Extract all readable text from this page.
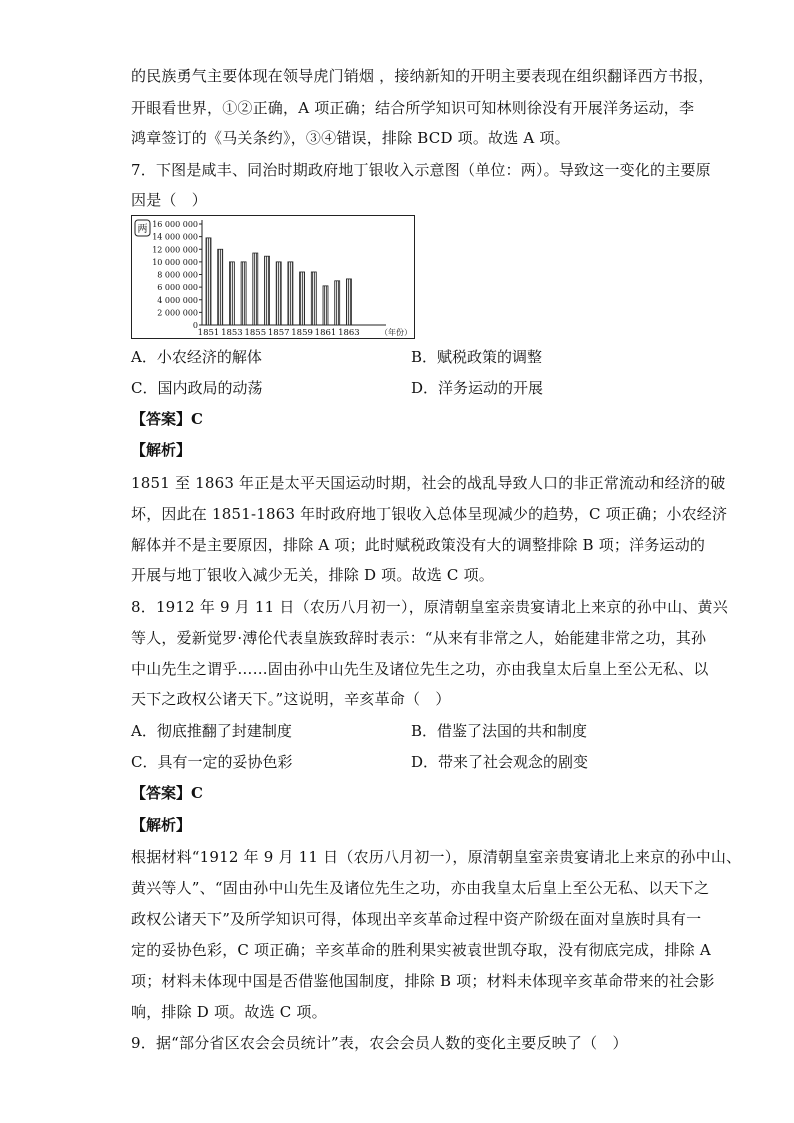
的民族勇气主要体现在领导虎门销烟 ，接纳新知的开明主要表现在组织翻译西方书报，
开眼看世界，①②正确，A 项正确；结合所学知识可知林则徐没有开展洋务运动，李
鸿章签订的《马关条约》，③④错误，排除 BCD 项。故选 A 项。
7．下图是咸丰、同治时期政府地丁银收入示意图（单位：两）。导致这一变化的主要原
因是（　）
两
0
2 000 000
4 000 000
6 000 000
8 000 000
10 000 000
12 000 000
14 000 000
16 000 000
1851 1853 1855 1857 1859 1861 1863	（年份）
A．小农经济的解体	B．赋税政策的调整
C．国内政局的动荡	D．洋务运动的开展
【答案】C
【解析】
1851 至 1863 年正是太平天国运动时期，社会的战乱导致人口的非正常流动和经济的破
坏，因此在 1851-1863 年时政府地丁银收入总体呈现减少的趋势，C 项正确；小农经济
解体并不是主要原因，排除 A 项；此时赋税政策没有大的调整排除 B 项；洋务运动的
开展与地丁银收入减少无关，排除 D 项。故选 C 项。
8．1912 年 9 月 11 日（农历八月初一），原清朝皇室亲贵宴请北上来京的孙中山、黄兴
等人，爱新觉罗·溥伦代表皇族致辞时表示：“从来有非常之人，始能建非常之功，其孙
中山先生之谓乎……固由孙中山先生及诸位先生之功，亦由我皇太后皇上至公无私、以
天下之政权公诸天下。”这说明，辛亥革命（　）
A．彻底推翻了封建制度	B．借鉴了法国的共和制度
C．具有一定的妥协色彩	D．带来了社会观念的剧变
【答案】C
【解析】
根据材料“1912 年 9 月 11 日（农历八月初一），原清朝皇室亲贵宴请北上来京的孙中山、
黄兴等人”、“固由孙中山先生及诸位先生之功，亦由我皇太后皇上至公无私、以天下之
政权公诸天下”及所学知识可得，体现出辛亥革命过程中资产阶级在面对皇族时具有一
定的妥协色彩，C 项正确；辛亥革命的胜利果实被袁世凯夺取，没有彻底完成，排除 A
项；材料未体现中国是否借鉴他国制度，排除 B 项；材料未体现辛亥革命带来的社会影
响，排除 D 项。故选 C 项。
9．据“部分省区农会会员统计”表，农会会员人数的变化主要反映了（　）
